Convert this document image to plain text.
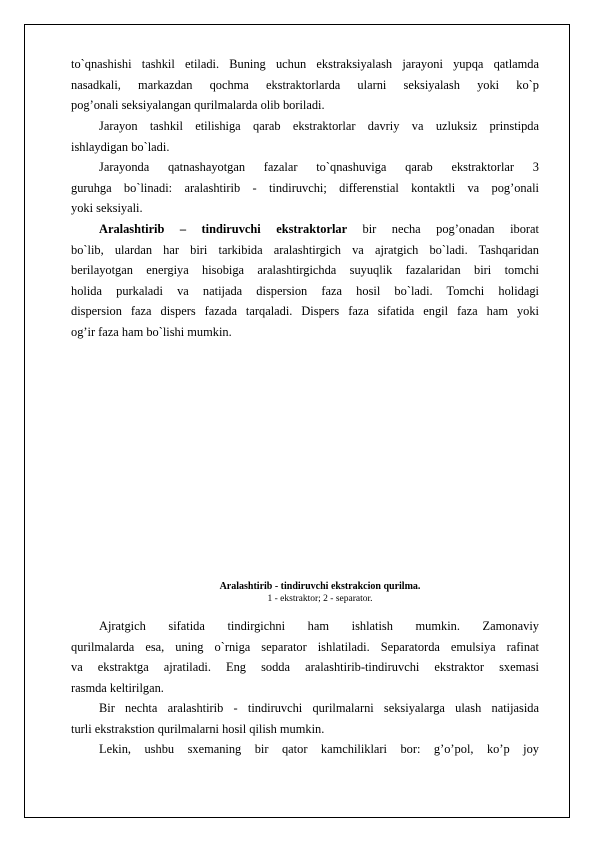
to`qnashishi tashkil etiladi. Buning uchun ekstraksiyalash jarayoni yupqa qatlamda
nasadkali, markazdan qochma ekstraktorlarda ularni seksiyalash yoki ko`p
pog’onali seksiyalangan qurilmalarda olib boriladi.

Jarayon tashkil etilishiga qarab ekstraktorlar davriy va uzluksiz prinstipda
ishlaydigan bo`ladi.

Jarayonda qatnashayotgan fazalar to`qnashuviga qarab ekstraktorlar 3
guruhga bo`linadi: aralashtirib - tindiruvchi; differenstial kontaktli va pog’onali
yoki seksiyali.

Aralashtirib – tindiruvchi ekstraktorlar bir necha pog’onadan iborat
bo`lib, ulardan har biri tarkibida aralashtirgich va ajratgich bo`ladi. Tashqaridan
berilayotgan energiya hisobiga aralashtirgichda suyuqlik fazalaridan biri tomchi
holida purkaladi va natijada dispersion faza hosil bo`ladi. Tomchi holidagi
dispersion faza dispers fazada tarqaladi. Dispers faza sifatida engil faza ham yoki
og’ir faza ham bo`lishi mumkin.

Aralashtirib - tindiruvchi ekstrakcion qurilma.
1 - ekstraktor; 2 - separator.

Ajratgich sifatida tindirgichni ham ishlatish mumkin. Zamonaviy
qurilmalarda esa, uning o`rniga separator ishlatiladi. Separatorda emulsiya rafinat
va ekstraktga ajratiladi. Eng sodda aralashtirib-tindiruvchi ekstraktor sxemasi
rasmda keltirilgan.

Bir nechta aralashtirib - tindiruvchi qurilmalarni seksiyalarga ulash natijasida
turli ekstrakstion qurilmalarni hosil qilish mumkin.

Lekin, ushbu sxemaning bir qator kamchiliklari bor: g’o’pol, ko’p joy
